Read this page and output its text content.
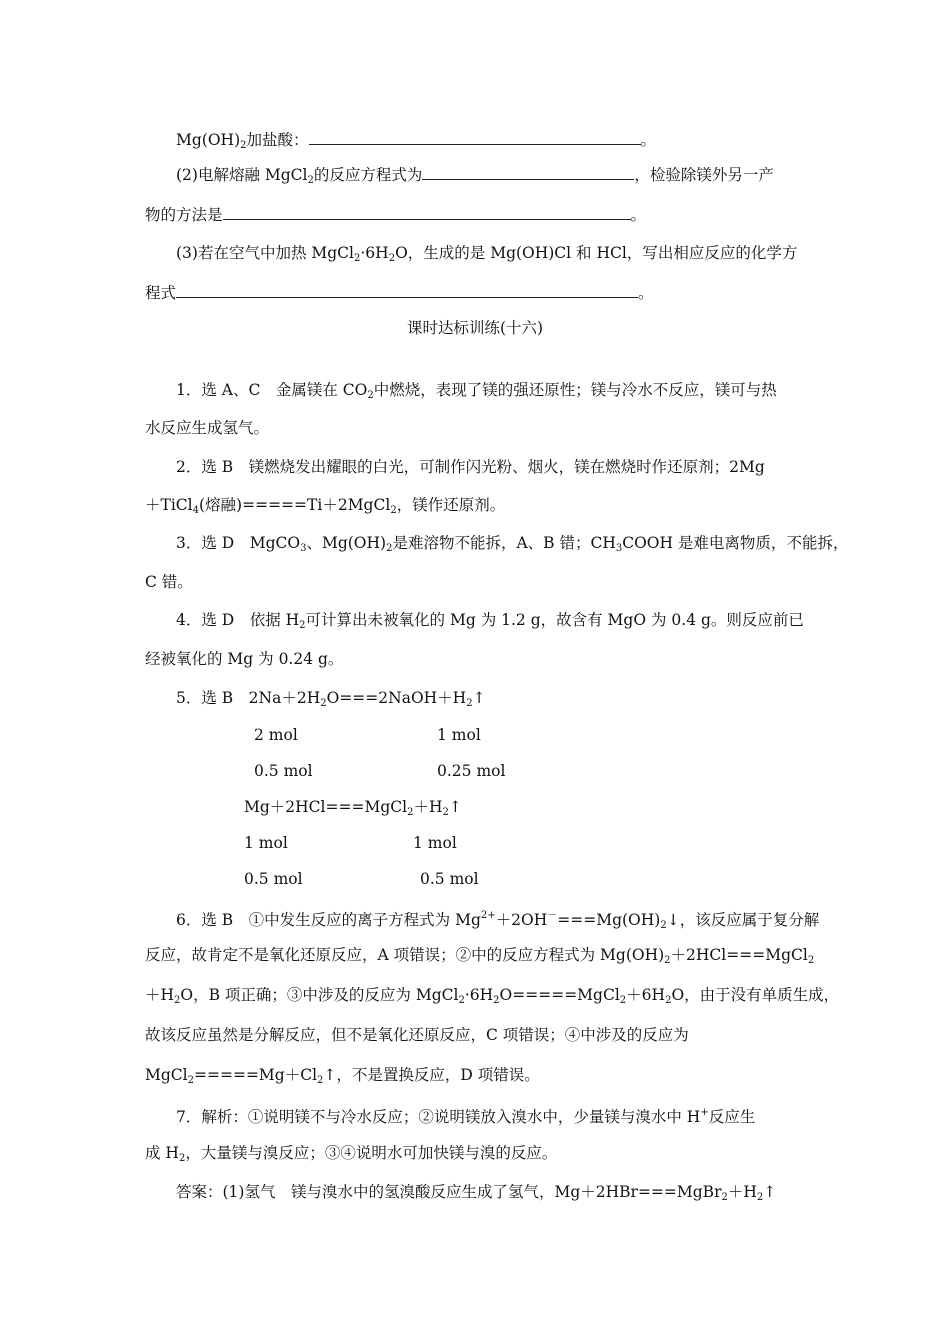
$Mg(OH)_2$加盐酸：	。
(2)电解熔融 MgCl$_2$的反应方程式为	，检验除镁外另一产
物的方法是	。
(3)若在空气中加热 $MgCl_2\cdot 6H_2O$，生成的是 Mg(OH)Cl 和 HCl，写出相应反应的化学方
程式	。
课时达标训练(十六)
1．选 A、C　金属镁在 $CO_2$中燃烧，表现了镁的强还原性；镁与冷水不反应，镁可与热
水反应生成氢气。
2．选 B　镁燃烧发出耀眼的白光，可制作闪光粉、烟火，镁在燃烧时作还原剂；2Mg
＋TiCl$_4$(熔融)=====Ti＋2MgCl$_2$，镁作还原剂。
3．选 D　MgCO$_3$、$Mg(OH)_2$是难溶物不能拆，A、B 错；$CH_3COOH$ 是难电离物质，不能拆，
C 错。
4．选 D　依据 $H_2$可计算出未被氧化的 Mg 为 1.2 g，故含有 MgO 为 0.4 g。则反应前已
经被氧化的 Mg 为 0.24 g。
5．选 B　$2Na+2H_2O===2NaOH+H_2↑$
2 mol	1 mol
0.5 mol	0.25 mol
$Mg+2HCl===MgCl_2+H_2↑$
1 mol	1 mol
0.5 mol	0.5 mol
6．选 B　①中发生反应的离子方程式为 $Mg^{2+}+2OH^-===Mg(OH)_2↓$，该反应属于复分解
反应，故肯定不是氧化还原反应，A 项错误；②中的反应方程式为 $Mg(OH)_2+2HCl===MgCl_2$
$+H_2O$，B 项正确；③中涉及的反应为 $MgCl_2\cdot 6H_2O=====MgCl_2+6H_2O$，由于没有单质生成，
故该反应虽然是分解反应，但不是氧化还原反应，C 项错误；④中涉及的反应为
$MgCl_2=====Mg+Cl_2↑$，不是置换反应，D 项错误。
7．解析：①说明镁不与冷水反应；②说明镁放入溴水中，少量镁与溴水中 H+反应生
成 $H_2$，大量镁与溴反应；③④说明水可加快镁与溴的反应。
答案：(1)氢气　镁与溴水中的氢溴酸反应生成了氢气，$Mg+2HBr===MgBr_2+H_2↑$
